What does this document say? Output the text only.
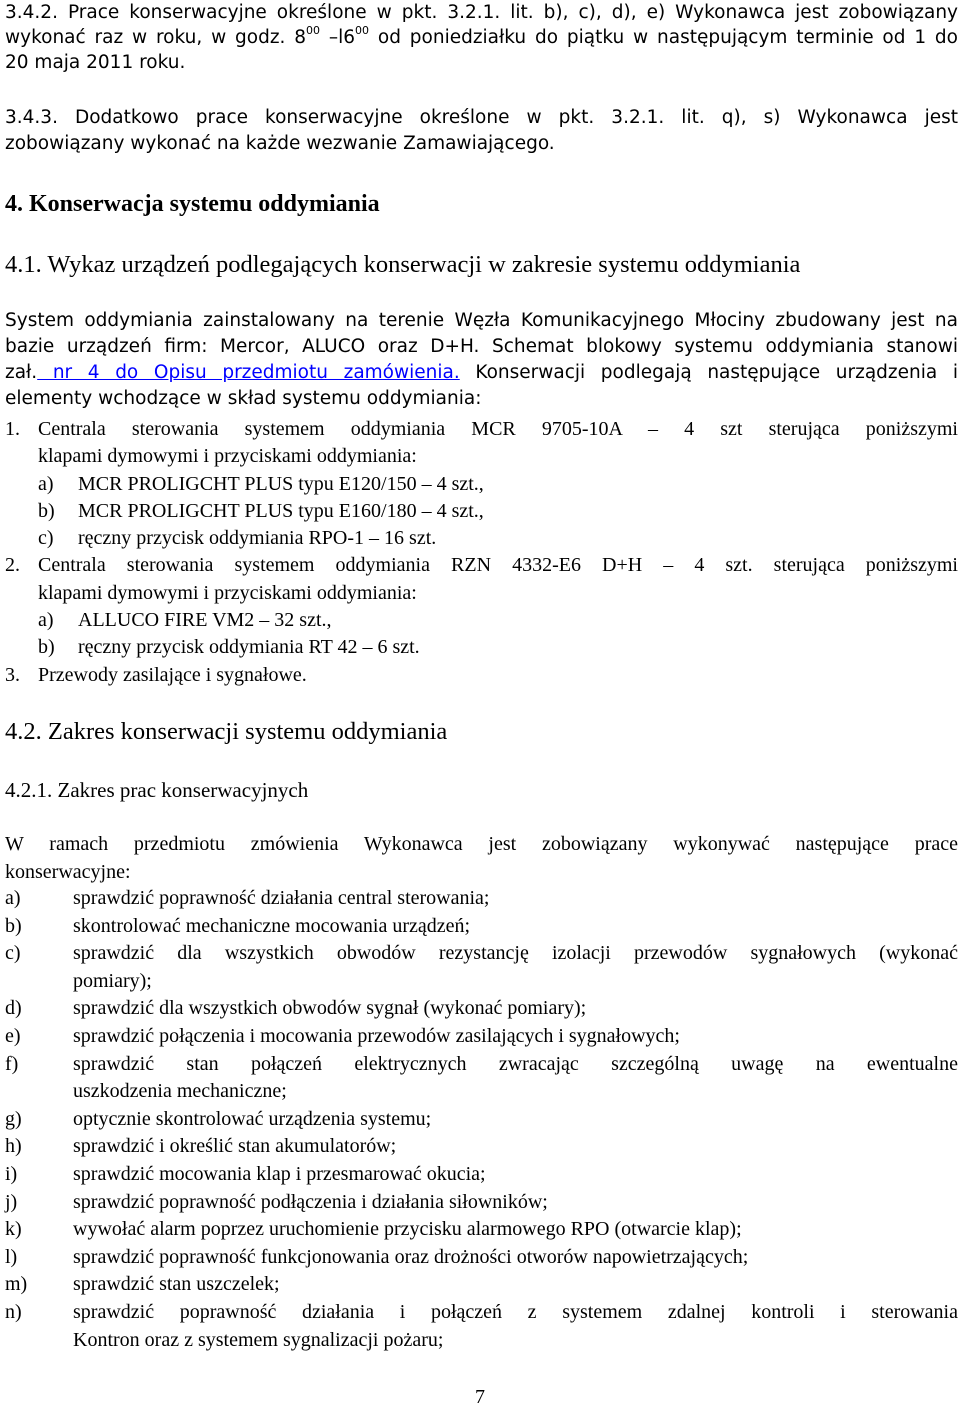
3.4.2. Prace konserwacyjne określone w pkt. 3.2.1. lit. b), c), d), e) Wykonawca jest zobowiązany
wykonać raz w roku, w godz. $8^{00}$ $-l6^{00}$ od poniedziałku do piątku w następującym terminie od 1 do
20 maja 2011 roku.
3.4.3. Dodatkowo prace konserwacyjne określone w pkt. 3.2.1. lit. q), s) Wykonawca jest
zobowiązany wykonać na każde wezwanie Zamawiającego.
4. Konserwacja systemu oddymiania
4.1. Wykaz urządzeń podlegających konserwacji w zakresie systemu oddymiania
System oddymiania zainstalowany na terenie Węzła Komunikacyjnego Młociny zbudowany jest na
bazie urządzeń firm: Mercor, ALUCO oraz D+H. Schemat blokowy systemu oddymiania stanowi
zał. nr 4 do Opisu przedmiotu zamówienia. Konserwacji podlegają następujące urządzenia i
elementy wchodzące w skład systemu oddymiania:
1. Centrala sterowania systemem oddymiania MCR 9705-10A – 4 szt sterująca poniższymi
klapami dymowymi i przyciskami oddymiania:
a) MCR PROLIGCHT PLUS typu E120/150 – 4 szt.,
b) MCR PROLIGCHT PLUS typu E160/180 – 4 szt.,
c) ręczny przycisk oddymiania RPO-1 – 16 szt.
2. Centrala sterowania systemem oddymiania RZN 4332-E6 D+H – 4 szt. sterująca poniższymi
klapami dymowymi i przyciskami oddymiania:
a) ALLUCO FIRE VM2 – 32 szt.,
b) ręczny przycisk oddymiania RT 42 – 6 szt.
3. Przewody zasilające i sygnałowe.
4.2. Zakres konserwacji systemu oddymiania
4.2.1. Zakres prac konserwacyjnych
W ramach przedmiotu zmówienia Wykonawca jest zobowiązany wykonywać następujące prace
konserwacyjne:
a)	sprawdzić poprawność działania central sterowania;
b)	skontrolować mechaniczne mocowania urządzeń;
c)	sprawdzić dla wszystkich obwodów rezystancję izolacji przewodów sygnałowych (wykonać
pomiary);
d)	sprawdzić dla wszystkich obwodów sygnał (wykonać pomiary);
e)	sprawdzić połączenia i mocowania przewodów zasilających i sygnałowych;
f)	sprawdzić stan połączeń elektrycznych zwracając szczególną uwagę na ewentualne
uszkodzenia mechaniczne;
g)	optycznie skontrolować urządzenia systemu;
h)	sprawdzić i określić stan akumulatorów;
i)	sprawdzić mocowania klap i przesmarować okucia;
j)	sprawdzić poprawność podłączenia i działania siłowników;
k)	wywołać alarm poprzez uruchomienie przycisku alarmowego RPO (otwarcie klap);
l)	sprawdzić poprawność funkcjonowania oraz drożności otworów napowietrzających;
m) sprawdzić stan uszczelek;
n)	sprawdzić poprawność działania i połączeń z systemem zdalnej kontroli i sterowania
Kontron oraz z systemem sygnalizacji pożaru;
7
